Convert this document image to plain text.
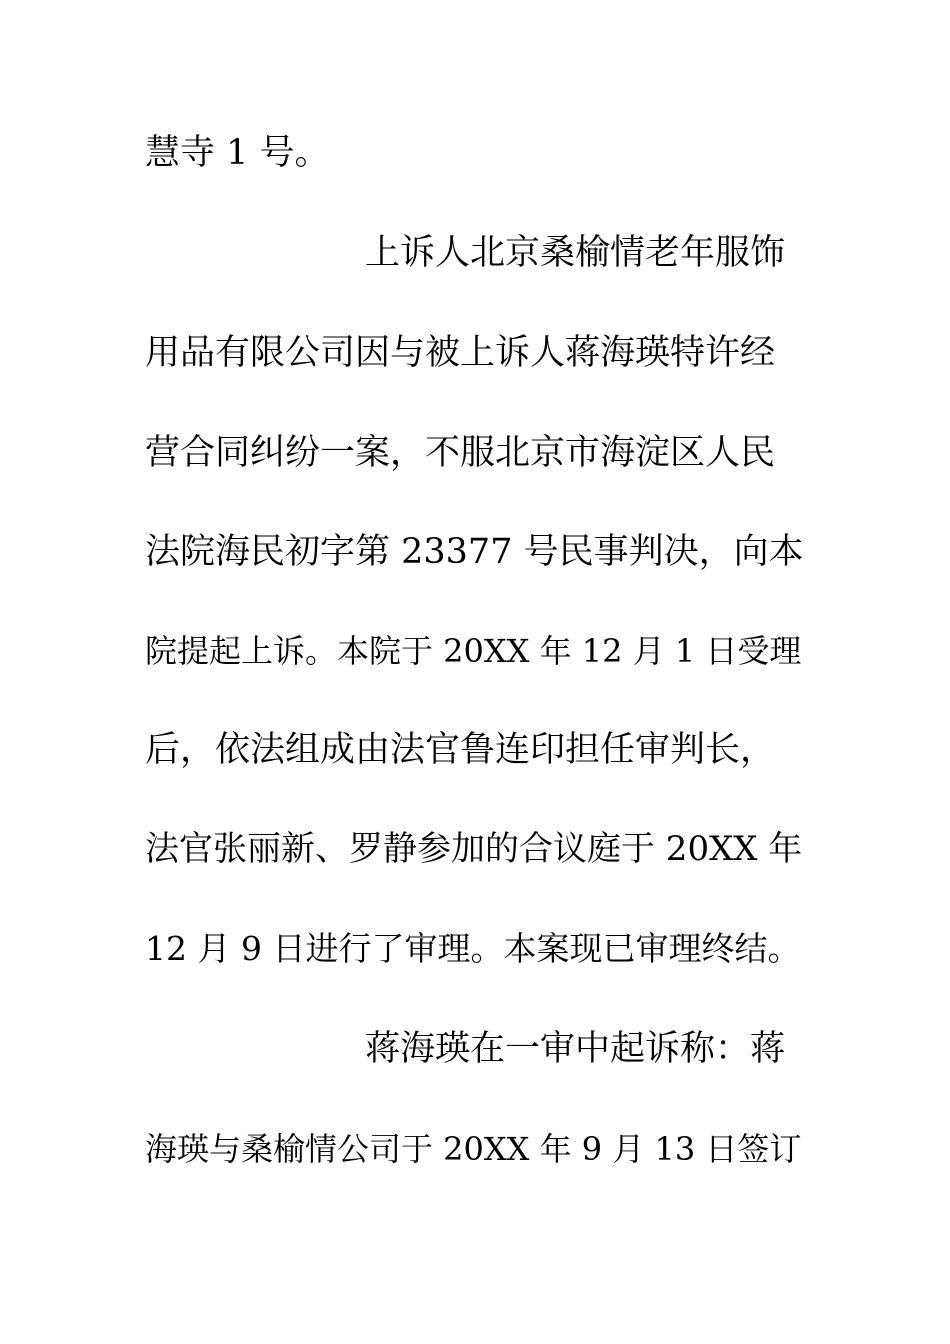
慧寺 1 号。
上诉人北京桑榆情老年服饰
用品有限公司因与被上诉人蒋海瑛特许经
营合同纠纷一案，不服北京市海淀区人民
法院海民初字第 23377 号民事判决，向本
院提起上诉。本院于 20XX 年 12 月 1 日受理
后，依法组成由法官鲁连印担任审判长，
法官张丽新、罗静参加的合议庭于 20XX 年
12 月 9 日进行了审理。本案现已审理终结。
蒋海瑛在一审中起诉称：蒋
海瑛与桑榆情公司于 20XX 年 9 月 13 日签订
